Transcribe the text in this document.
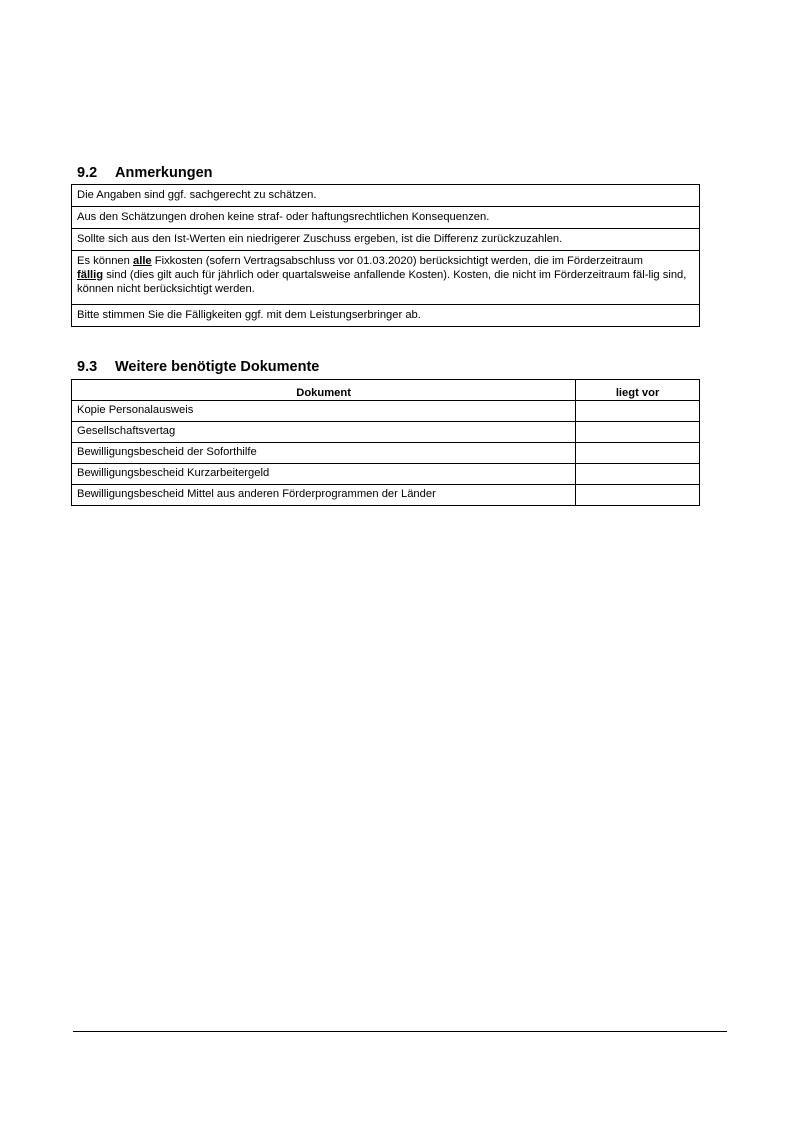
9.2 Anmerkungen
Die Angaben sind ggf. sachgerecht zu schätzen.
Aus den Schätzungen drohen keine straf- oder haftungsrechtlichen Konsequenzen.
Sollte sich aus den Ist-Werten ein niedrigerer Zuschuss ergeben, ist die Differenz zurückzuzahlen.
Es können alle Fixkosten (sofern Vertragsabschluss vor 01.03.2020) berücksichtigt werden, die im Förderzeitraum
fällig sind (dies gilt auch für jährlich oder quartalsweise anfallende Kosten). Kosten, die nicht im Förderzeitraum fäl-lig sind, können nicht berücksichtigt werden.
Bitte stimmen Sie die Fälligkeiten ggf. mit dem Leistungserbringer ab.
9.3 Weitere benötigte Dokumente
Dokument	liegt vor
Kopie Personalausweis	
Gesellschaftsvertag	
Bewilligungsbescheid der Soforthilfe	
Bewilligungsbescheid Kurzarbeitergeld	
Bewilligungsbescheid Mittel aus anderen Förderprogrammen der Länder	
